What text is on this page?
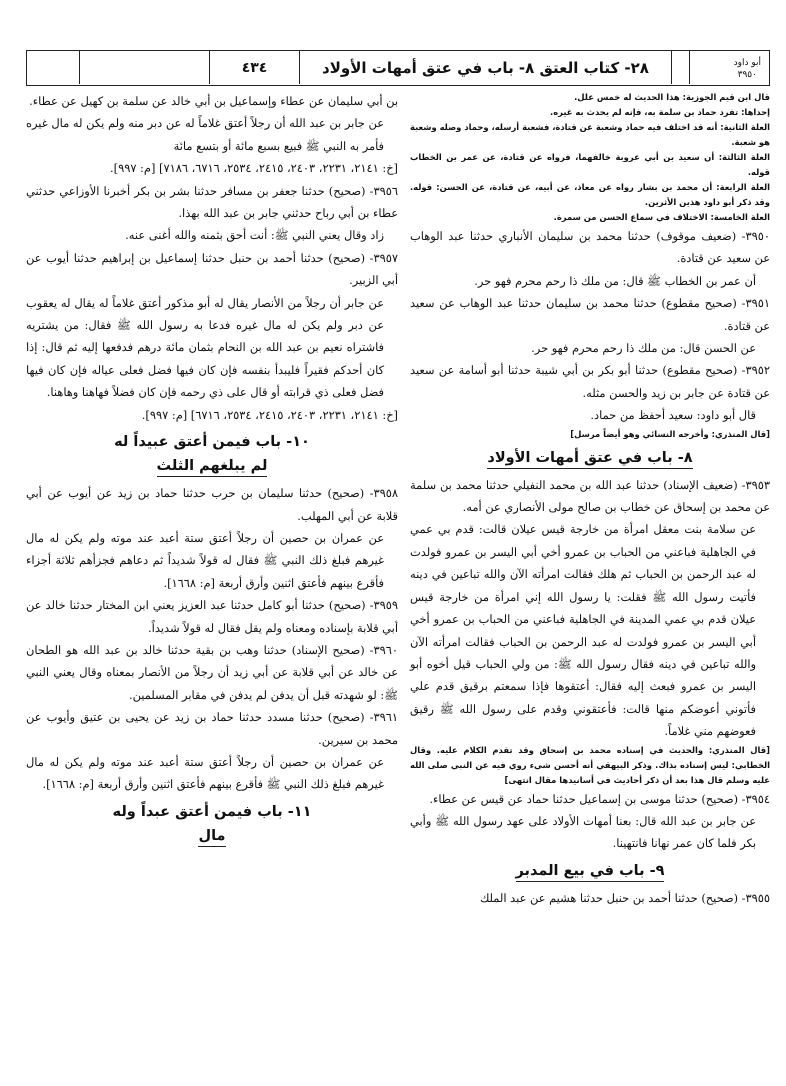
أبو داود
٣٩٥٠
٢٨- كتاب العتق ٨- باب في عتق أمهات الأولاد
٤٣٤

قال ابن قيم الجوزية: هذا الحديث له خمس علل.

إحداها: تفرد حماد بن سلمة به، فإنه لم يحدث به غيره.

العلة الثانية: أنه قد اختلف فيه حماد وشعبة عن قتادة، فشعبة أرسله، وحماد وصله وشعبة هو شعبة.

العلة الثالثة: أن سعيد بن أبي عروبة خالفهما، فرواه عن قتادة، عن عمر بن الخطاب قوله.

العلة الرابعة: أن محمد بن بشار رواه عن معاذ، عن أبيه، عن قتادة، عن الحسن: قوله. وقد ذكر أبو داود هذين الأثرين.

العلة الخامسة: الاختلاف في سماع الحسن من سمرة.

٣٩٥٠- (ضعيف موقوف) حدثنا محمد بن سليمان الأنباري حدثنا عبد الوهاب عن سعيد عن قتادة.

أن عمر بن الخطاب ﷺ قال: من ملك ذا رحم محرم فهو حر.

٣٩٥١- (صحيح مقطوع) حدثنا محمد بن سليمان حدثنا عبد الوهاب عن سعيد عن قتادة.

عن الحسن قال: من ملك ذا رحم محرم فهو حر.

٣٩٥٢- (صحيح مقطوع) حدثنا أبو بكر بن أبي شيبة حدثنا أبو أسامة عن سعيد عن قتادة عن جابر بن زيد والحسن مثله.

قال أبو داود: سعيد أحفظ من حماد.

[قال المنذري: وأخرجه النسائي وهو أيضاً مرسل]

٨- باب في عتق أمهات الأولاد

٣٩٥٣- (ضعيف الإسناد) حدثنا عبد الله بن محمد النفيلي حدثنا محمد بن سلمة عن محمد بن إسحاق عن خطاب بن صالح مولى الأنصاري عن أمه.

عن سلامة بنت معقل امرأة من خارجة قيس عيلان قالت: قدم بي عمي في الجاهلية فباعني من الحباب بن عمرو أخي أبي اليسر بن عمرو فولدت له عبد الرحمن بن الحباب ثم هلك فقالت امرأته الآن والله تباعين في دينه فأتيت رسول الله ﷺ فقلت: يا رسول الله إني امرأة من خارجة قيس عيلان قدم بي عمي المدينة في الجاهلية فباعني من الحباب بن عمرو أخي أبي اليسر بن عمرو فولدت له عبد الرحمن بن الحباب فقالت امرأته الآن والله تباعين في دينه فقال رسول الله ﷺ: من ولي الحباب قيل أخوه أبو اليسر بن عمرو فبعث إليه فقال: أعتقوها فإذا سمعتم برقيق قدم علي فأتوني أعوضكم منها قالت: فأعتقوني وقدم على رسول الله ﷺ رقيق فعوضهم مني غلاماً.

[قال المنذري: والحديث في إسناده محمد بن إسحاق وقد تقدم الكلام عليه. وقال الخطابي: ليس إسناده بذاك. وذكر البيهقي أنه أحسن شيء روي فيه عن النبي صلى الله عليه وسلم قال هذا بعد أن ذكر أحاديث في أسانيدها مقال انتهى]

٣٩٥٤- (صحيح) حدثنا موسى بن إسماعيل حدثنا حماد عن قيس عن عطاء.

عن جابر بن عبد الله قال: بعنا أمهات الأولاد على عهد رسول الله ﷺ وأبي بكر فلما كان عمر نهانا فانتهينا.

٩- باب في بيع المدبر

٣٩٥٥- (صحيح) حدثنا أحمد بن حنبل حدثنا هشيم عن عبد الملك

بن أبي سليمان عن عطاء وإسماعيل بن أبي خالد عن سلمة بن كهيل عن عطاء.

عن جابر بن عبد الله أن رجلاً أعتق غلاماً له عن دبر منه ولم يكن له مال غيره فأمر به النبي ﷺ فبيع بسبع مائة أو بتسع مائة

[خ: ٢١٤١، ٢٢٣١، ٢٤٠٣، ٢٤١٥، ٢٥٣٤، ٦٧١٦، ٧١٨٦] [م: ٩٩٧].

٣٩٥٦- (صحيح) حدثنا جعفر بن مسافر حدثنا بشر بن بكر أخبرنا الأوزاعي حدثني عطاء بن أبي رباح حدثني جابر بن عبد الله بهذا.

زاد وقال يعني النبي ﷺ: أنت أحق بثمنه والله أغنى عنه.

٣٩٥٧- (صحيح) حدثنا أحمد بن حنبل حدثنا إسماعيل بن إبراهيم حدثنا أيوب عن أبي الزبير.

عن جابر أن رجلاً من الأنصار يقال له أبو مذكور أعتق غلاماً له يقال له يعقوب عن دبر ولم يكن له مال غيره فدعا به رسول الله ﷺ فقال: من يشتريه فاشتراه نعيم بن عبد الله بن النحام بثمان مائة درهم فدفعها إليه ثم قال: إذا كان أحدكم فقيراً فليبدأ بنفسه فإن كان فيها فضل فعلى عياله فإن كان فيها فضل فعلى ذي قرابته أو قال على ذي رحمه فإن كان فضلاً فهاهنا وهاهنا.

[خ: ٢١٤١، ٢٢٣١، ٢٤٠٣، ٢٤١٥، ٢٥٣٤، ٦٧١٦] [م: ٩٩٧].

١٠- باب فيمن أعتق عبيداً له
لم يبلغهم الثلث

٣٩٥٨- (صحيح) حدثنا سليمان بن حرب حدثنا حماد بن زيد عن أيوب عن أبي قلابة عن أبي المهلب.

عن عمران بن حصين أن رجلاً أعتق ستة أعبد عند موته ولم يكن له مال غيرهم فبلغ ذلك النبي ﷺ فقال له قولاً شديداً ثم دعاهم فجزأهم ثلاثة أجزاء فأقرع بينهم فأعتق اثنين وأرق أربعة [م: ١٦٦٨].

٣٩٥٩- (صحيح) حدثنا أبو كامل حدثنا عبد العزيز يعني ابن المختار حدثنا خالد عن أبي قلابة بإسناده ومعناه ولم يقل فقال له قولاً شديداً.

٣٩٦٠- (صحيح الإسناد) حدثنا وهب بن بقية حدثنا خالد بن عبد الله هو الطحان عن خالد عن أبي قلابة عن أبي زيد أن رجلاً من الأنصار بمعناه وقال يعني النبي ﷺ: لو شهدته قبل أن يدفن لم يدفن في مقابر المسلمين.

٣٩٦١- (صحيح) حدثنا مسدد حدثنا حماد بن زيد عن يحيى بن عتيق وأيوب عن محمد بن سيرين.

عن عمران بن حصين أن رجلاً أعتق ستة أعبد عند موته ولم يكن له مال غيرهم فبلغ ذلك النبي ﷺ فأقرع بينهم فأعتق اثنين وأرق أربعة [م: ١٦٦٨].

١١- باب فيمن أعتق عبداً وله
مال
